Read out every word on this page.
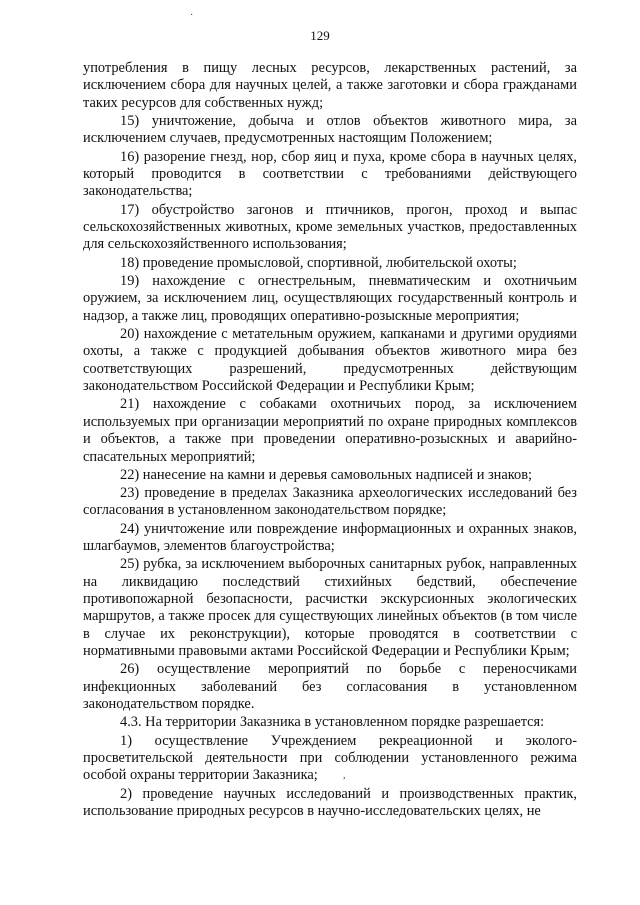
129
·
,

употребления в пищу лесных ресурсов, лекарственных растений, за исключением сбора для научных целей, а также заготовки и сбора гражданами таких ресурсов для собственных нужд;

15) уничтожение, добыча и отлов объектов животного мира, за исключением случаев, предусмотренных настоящим Положением;

16) разорение гнезд, нор, сбор яиц и пуха, кроме сбора в научных целях, который проводится в соответствии с требованиями действующего законодательства;

17) обустройство загонов и птичников, прогон, проход и выпас сельскохозяйственных животных, кроме земельных участков, предоставленных для сельскохозяйственного использования;

18) проведение промысловой, спортивной, любительской охоты;

19) нахождение с огнестрельным, пневматическим и охотничьим оружием, за исключением лиц, осуществляющих государственный контроль и надзор, а также лиц, проводящих оперативно-розыскные мероприятия;

20) нахождение с метательным оружием, капканами и другими орудиями охоты, а также с продукцией добывания объектов животного мира без соответствующих разрешений, предусмотренных действующим законодательством Российской Федерации и Республики Крым;

21) нахождение с собаками охотничьих пород, за исключением используемых при организации мероприятий по охране природных комплексов и объектов, а также при проведении оперативно-розыскных и аварийно-спасательных мероприятий;

22) нанесение на камни и деревья самовольных надписей и знаков;

23) проведение в пределах Заказника археологических исследований без согласования в установленном законодательством порядке;

24) уничтожение или повреждение информационных и охранных знаков, шлагбаумов, элементов благоустройства;

25) рубка, за исключением выборочных санитарных рубок, направленных на ликвидацию последствий стихийных бедствий, обеспечение противопожарной безопасности, расчистки экскурсионных экологических маршрутов, а также просек для существующих линейных объектов (в том числе в случае их реконструкции), которые проводятся в соответствии с нормативными правовыми актами Российской Федерации и Республики Крым;

26) осуществление мероприятий по борьбе с переносчиками инфекционных заболеваний без согласования в установленном законодательством порядке.

4.3. На территории Заказника в установленном порядке разрешается:

1) осуществление Учреждением рекреационной и эколого-просветительской деятельности при соблюдении установленного режима особой охраны территории Заказника;

2) проведение научных исследований и производственных практик, использование природных ресурсов в научно-исследовательских целях, не
